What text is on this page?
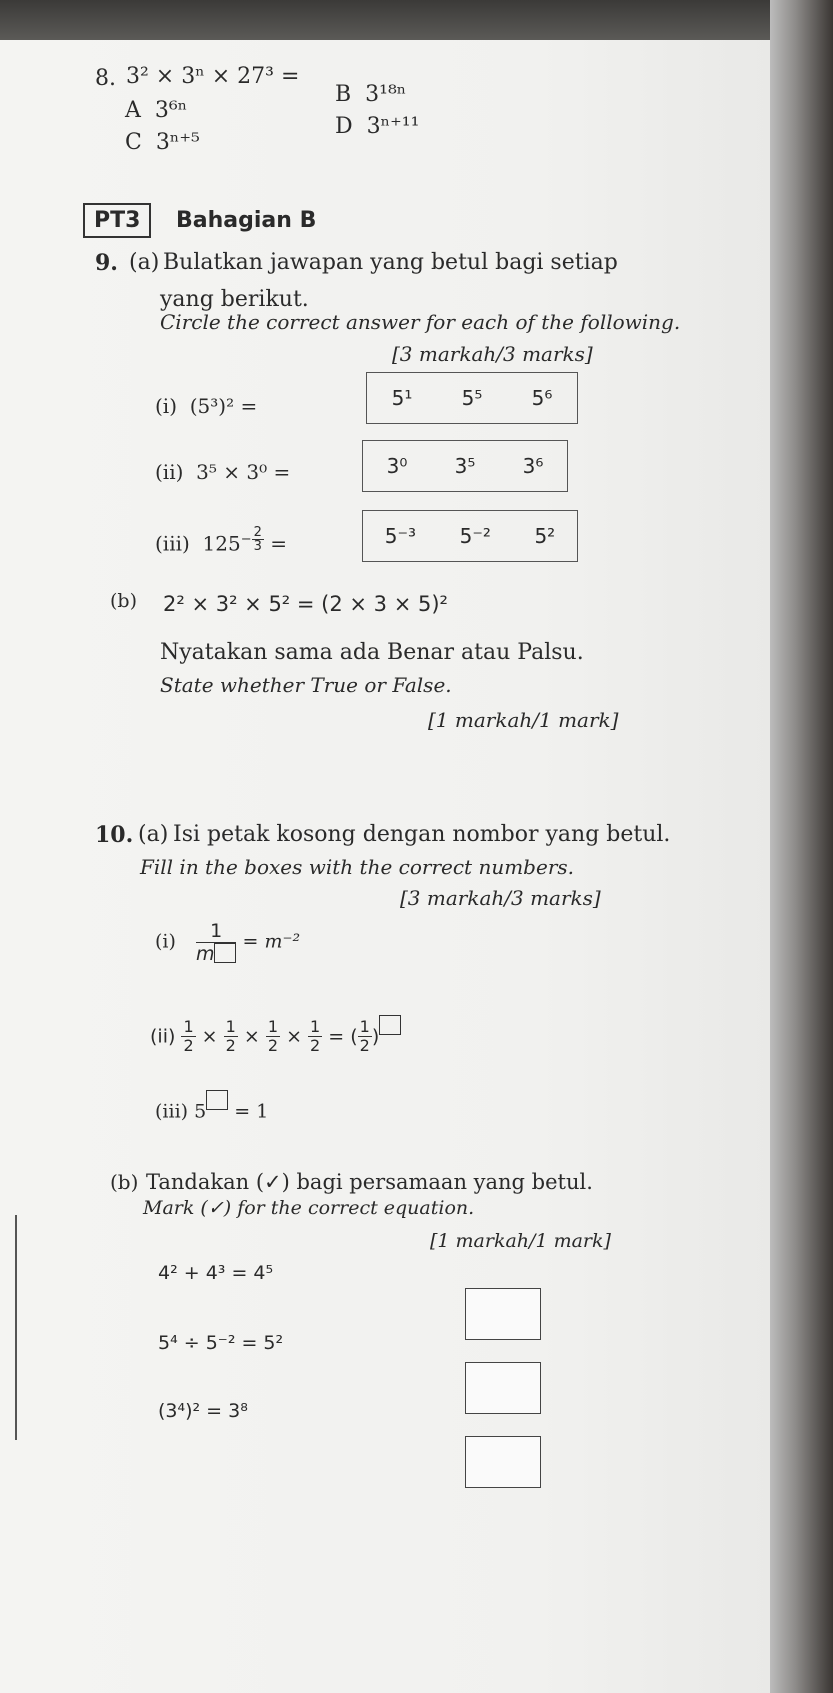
8. 3² × 3ⁿ × 27³ =
A 3⁶ⁿ
B 3¹⁸ⁿ
C 3ⁿ⁺⁵
D 3ⁿ⁺¹¹
PT3	Bahagian B
9. (a) Bulatkan jawapan yang betul bagi setiap
yang berikut.
Circle the correct answer for each of the following.
[3 markah/3 marks]
(i) (5³)² =	5¹ 5⁵ 5⁶
(ii) 3⁵ × 3⁰ =	3⁰ 3⁵ 3⁶
(iii) $125^{- \frac{2}{3}}$ =	5⁻³ 5⁻² 5²
(b) 2² × 3² × 5² = (2 × 3 × 5)²
Nyatakan sama ada Benar atau Palsu.
State whether True or False.
[1 markah/1 mark]
10. (a) Isi petak kosong dengan nombor yang betul.
Fill in the boxes with the correct numbers.
[3 markah/3 marks]
$(i) \frac{1}{m} = m^{-2}$
$(ii) \frac{1}{2} \times \frac{1}{2} \times \frac{1}{2} \times \frac{1}{2}$ = ( $\frac{1}{2}$)
(iii) 5 = 1
(b) Tandakan (✓) bagi persamaan yang betul.
Mark (✓) for the correct equation.
[1 markah/1 mark]
4² + 4³ = 4⁵
5⁴ ÷ 5⁻² = 5²
(3⁴)² = 3⁸
